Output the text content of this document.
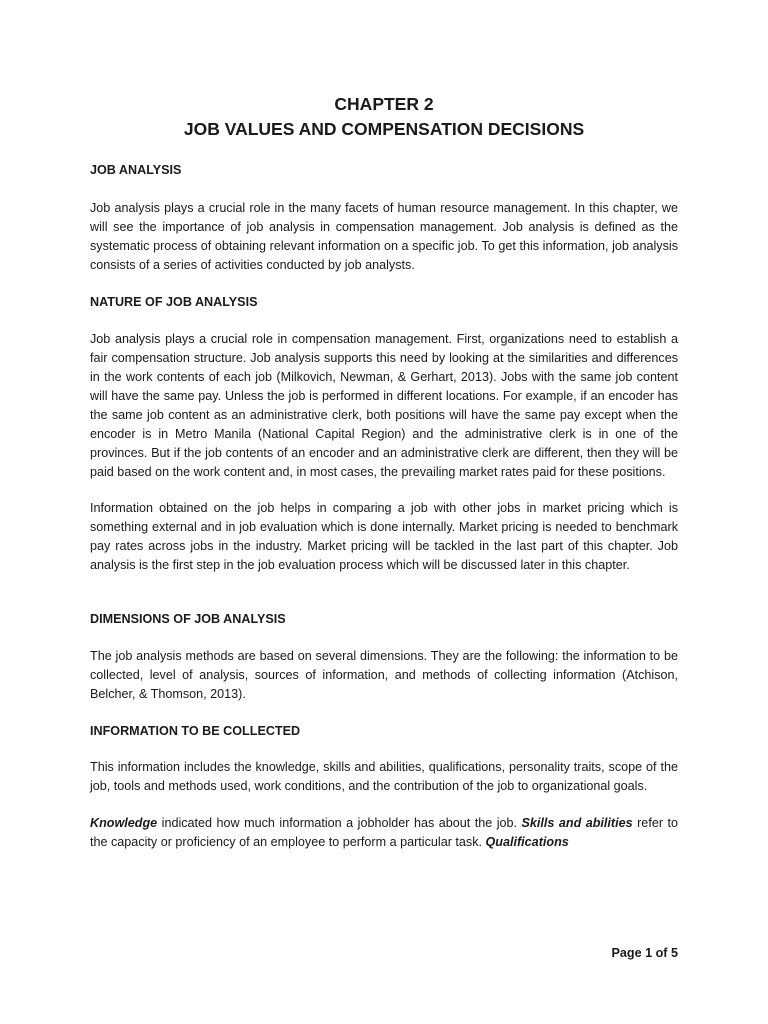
CHAPTER 2
JOB VALUES AND COMPENSATION DECISIONS
JOB ANALYSIS

Job analysis plays a crucial role in the many facets of human resource management. In this chapter, we will see the importance of job analysis in compensation management. Job analysis is defined as the systematic process of obtaining relevant information on a specific job. To get this information, job analysis consists of a series of activities conducted by job analysts.

NATURE OF JOB ANALYSIS

Job analysis plays a crucial role in compensation management. First, organizations need to establish a fair compensation structure. Job analysis supports this need by looking at the similarities and differences in the work contents of each job (Milkovich, Newman, & Gerhart, 2013). Jobs with the same job content will have the same pay. Unless the job is performed in different locations. For example, if an encoder has the same job content as an administrative clerk, both positions will have the same pay except when the encoder is in Metro Manila (National Capital Region) and the administrative clerk is in one of the provinces. But if the job contents of an encoder and an administrative clerk are different, then they will be paid based on the work content and, in most cases, the prevailing market rates paid for these positions.

Information obtained on the job helps in comparing a job with other jobs in market pricing which is something external and in job evaluation which is done internally. Market pricing is needed to benchmark pay rates across jobs in the industry. Market pricing will be tackled in the last part of this chapter. Job analysis is the first step in the job evaluation process which will be discussed later in this chapter.

DIMENSIONS OF JOB ANALYSIS

The job analysis methods are based on several dimensions. They are the following: the information to be collected, level of analysis, sources of information, and methods of collecting information (Atchison, Belcher, & Thomson, 2013).

INFORMATION TO BE COLLECTED

This information includes the knowledge, skills and abilities, qualifications, personality traits, scope of the job, tools and methods used, work conditions, and the contribution of the job to organizational goals.

Knowledge indicated how much information a jobholder has about the job. Skills and abilities refer to the capacity or proficiency of an employee to perform a particular task. Qualifications

Page 1 of 5
